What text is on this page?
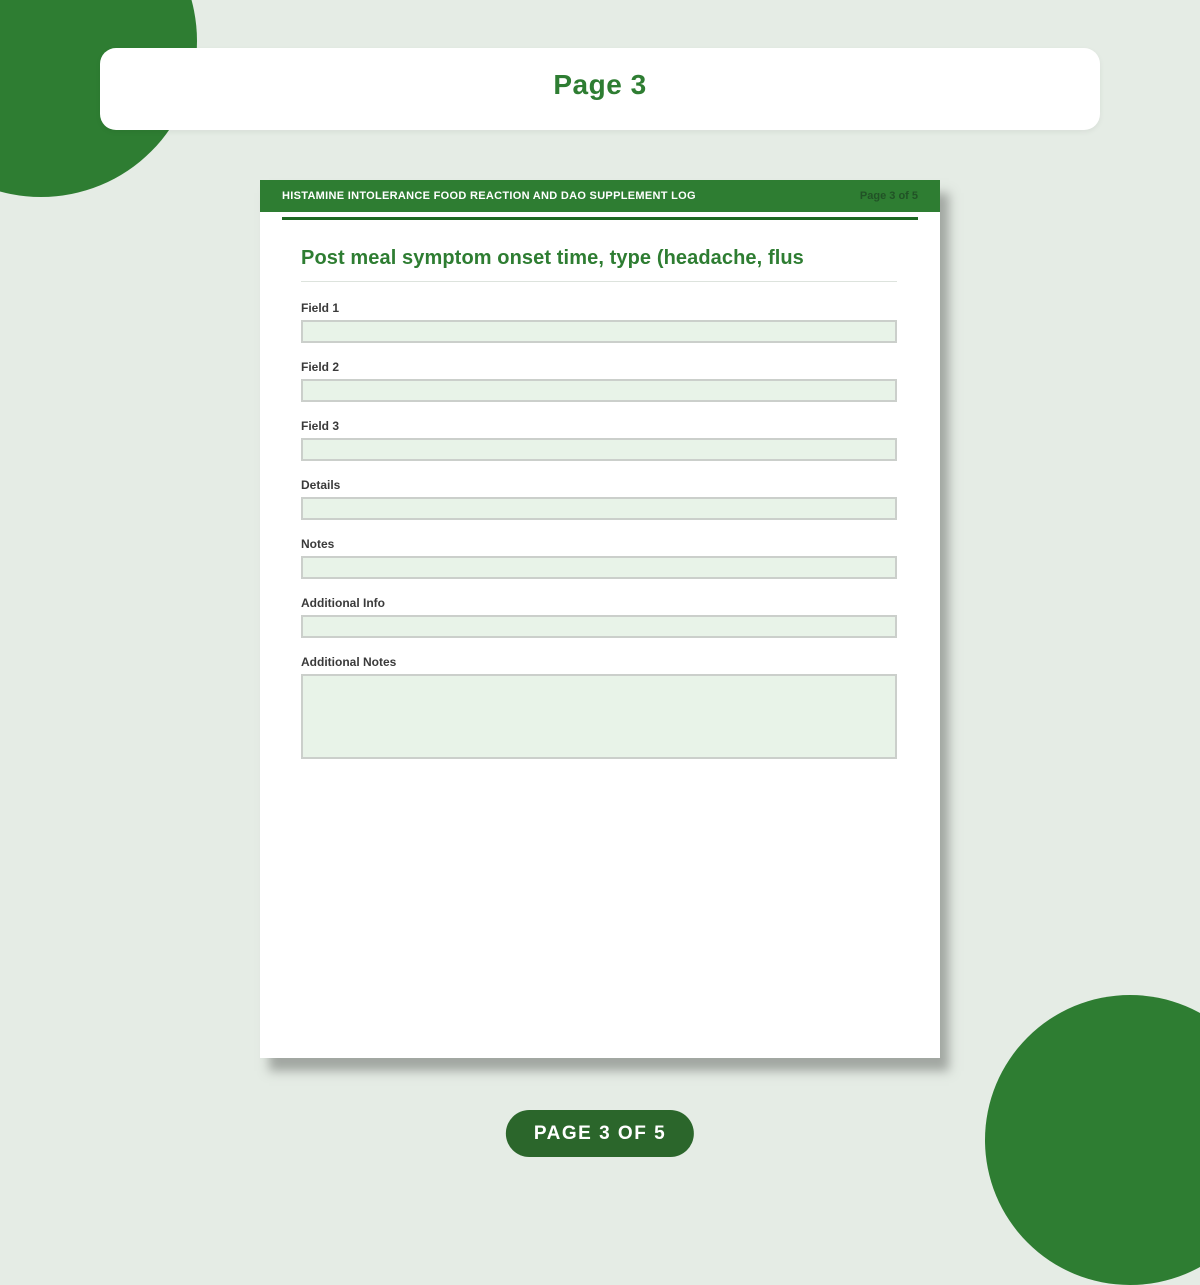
Page 3
HISTAMINE INTOLERANCE FOOD REACTION AND DAO SUPPLEMENT LOG	Page 3 of 5
Post meal symptom onset time, type (headache, flus
Field 1
Field 2
Field 3
Details
Notes
Additional Info
Additional Notes
PAGE 3 OF 5
